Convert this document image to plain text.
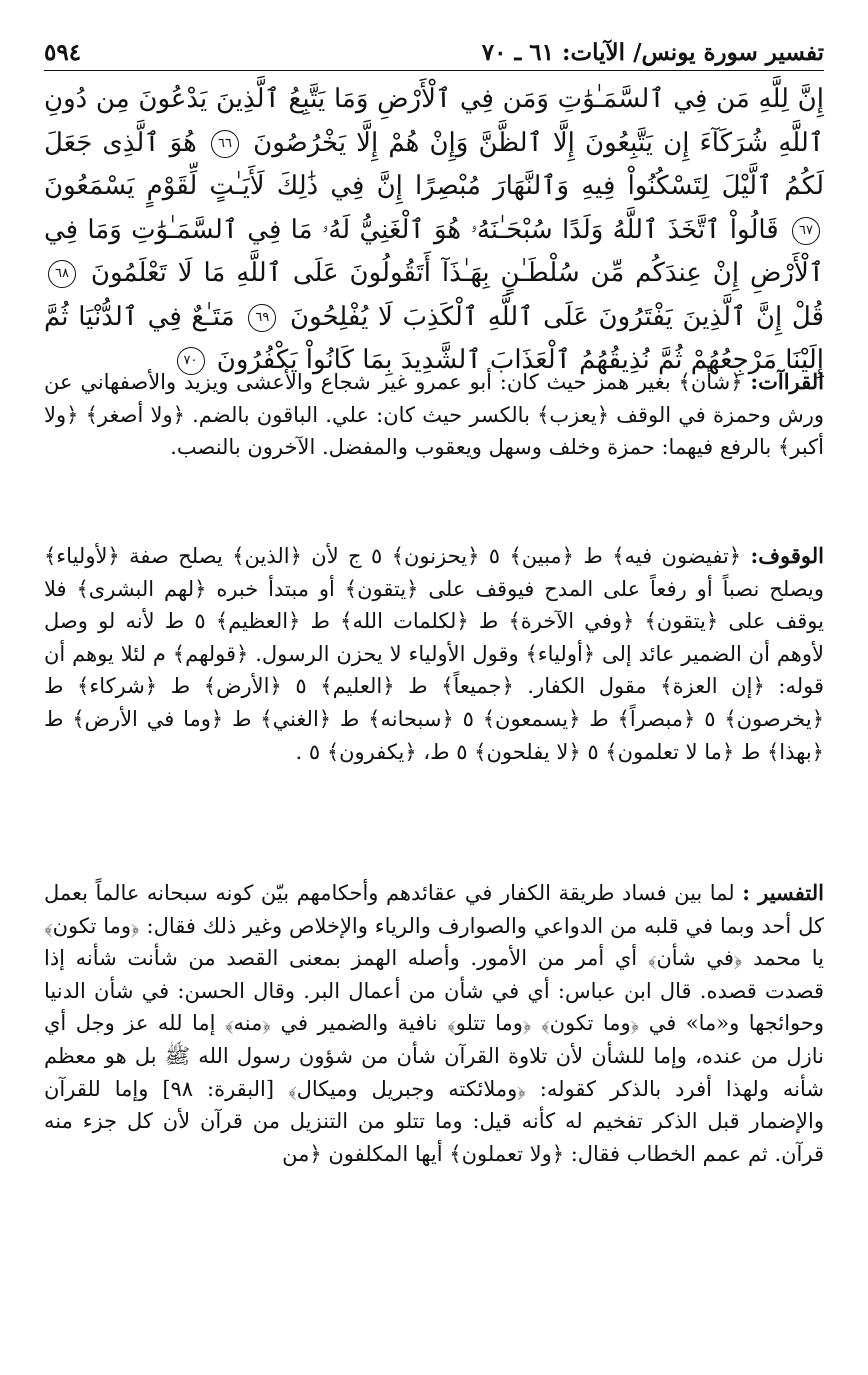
تفسير سورة يونس/ الآيات: ٦١ ـ ٧٠
٥٩٤
إِنَّ لِلَّهِ مَن فِي ٱلسَّمَـٰوَٰتِ وَمَن فِي ٱلْأَرْضِ وَمَا يَتَّبِعُ ٱلَّذِينَ يَدْعُونَ مِن دُونِ ٱللَّهِ شُرَكَآءَ إِن يَتَّبِعُونَ إِلَّا ٱلظَّنَّ وَإِنْ هُمْ إِلَّا يَخْرُصُونَ ٦٦ هُوَ ٱلَّذِى جَعَلَ لَكُمُ ٱلَّيْلَ لِتَسْكُنُواْ فِيهِ وَٱلنَّهَارَ مُبْصِرًا إِنَّ فِي ذَٰلِكَ لَأَيَـٰتٍ لِّقَوْمٍ يَسْمَعُونَ ٦٧ قَالُواْ ٱتَّخَذَ ٱللَّهُ وَلَدًا سُبْحَـٰنَهُۥ هُوَ ٱلْغَنِيُّ لَهُۥ مَا فِي ٱلسَّمَـٰوَٰتِ وَمَا فِي ٱلْأَرْضِ إِنْ عِندَكُم مِّن سُلْطَـٰنٍ بِهَـٰذَآ أَتَقُولُونَ عَلَى ٱللَّهِ مَا لَا تَعْلَمُونَ ٦٨ قُلْ إِنَّ ٱلَّذِينَ يَفْتَرُونَ عَلَى ٱللَّهِ ٱلْكَذِبَ لَا يُفْلِحُونَ ٦٩ مَتَـٰعٌ فِي ٱلدُّنْيَا ثُمَّ إِلَيْنَا مَرْجِعُهُمْ ثُمَّ نُذِيقُهُمُ ٱلْعَذَابَ ٱلشَّدِيدَ بِمَا كَانُواْ يَكْفُرُونَ ٧٠
القراآت: ﴿شأن﴾ بغير همز حيث كان: أبو عمرو غير شجاع والأعشى ويزيد والأصفهاني عن ورش وحمزة في الوقف ﴿يعزب﴾ بالكسر حيث كان: علي. الباقون بالضم. ﴿ولا أصغر﴾ ﴿ولا أكبر﴾ بالرفع فيهما: حمزة وخلف وسهل ويعقوب والمفضل. الآخرون بالنصب.
الوقوف: ﴿تفيضون فيه﴾ ط ﴿مبين﴾ ٥ ﴿يحزنون﴾ ٥ ج لأن ﴿الذين﴾ يصلح صفة ﴿لأولياء﴾ ويصلح نصباً أو رفعاً على المدح فيوقف على ﴿يتقون﴾ أو مبتدأ خبره ﴿لهم البشرى﴾ فلا يوقف على ﴿يتقون﴾ ﴿وفي الآخرة﴾ ط ﴿لكلمات الله﴾ ط ﴿العظيم﴾ ٥ ط لأنه لو وصل لأوهم أن الضمير عائد إلى ﴿أولياء﴾ وقول الأولياء لا يحزن الرسول. ﴿قولهم﴾ م لئلا يوهم أن قوله: ﴿إن العزة﴾ مقول الكفار. ﴿جميعاً﴾ ط ﴿العليم﴾ ٥ ﴿الأرض﴾ ط ﴿شركاء﴾ ط ﴿يخرصون﴾ ٥ ﴿مبصراً﴾ ط ﴿يسمعون﴾ ٥ ﴿سبحانه﴾ ط ﴿الغني﴾ ط ﴿وما في الأرض﴾ ط ﴿بهذا﴾ ط ﴿ما لا تعلمون﴾ ٥ ﴿لا يفلحون﴾ ٥ ط، ﴿يكفرون﴾ ٥ .
التفسير : لما بين فساد طريقة الكفار في عقائدهم وأحكامهم بيّن كونه سبحانه عالماً بعمل كل أحد وبما في قلبه من الدواعي والصوارف والرياء والإخلاص وغير ذلك فقال: ﴿وما تكون﴾ يا محمد ﴿في شأن﴾ أي أمر من الأمور. وأصله الهمز بمعنى القصد من شأنت شأنه إذا قصدت قصده. قال ابن عباس: أي في شأن من أعمال البر. وقال الحسن: في شأن الدنيا وحوائجها و«ما» في ﴿وما تكون﴾ ﴿وما تتلو﴾ نافية والضمير في ﴿منه﴾ إما لله عز وجل أي نازل من عنده، وإما للشأن لأن تلاوة القرآن شأن من شؤون رسول الله ﷺ بل هو معظم شأنه ولهذا أفرد بالذكر كقوله: ﴿وملائكته وجبريل وميكال﴾ [البقرة: ٩٨] وإما للقرآن والإضمار قبل الذكر تفخيم له كأنه قيل: وما تتلو من التنزيل من قرآن لأن كل جزء منه قرآن. ثم عمم الخطاب فقال: ﴿ولا تعملون﴾ أيها المكلفون ﴿من
